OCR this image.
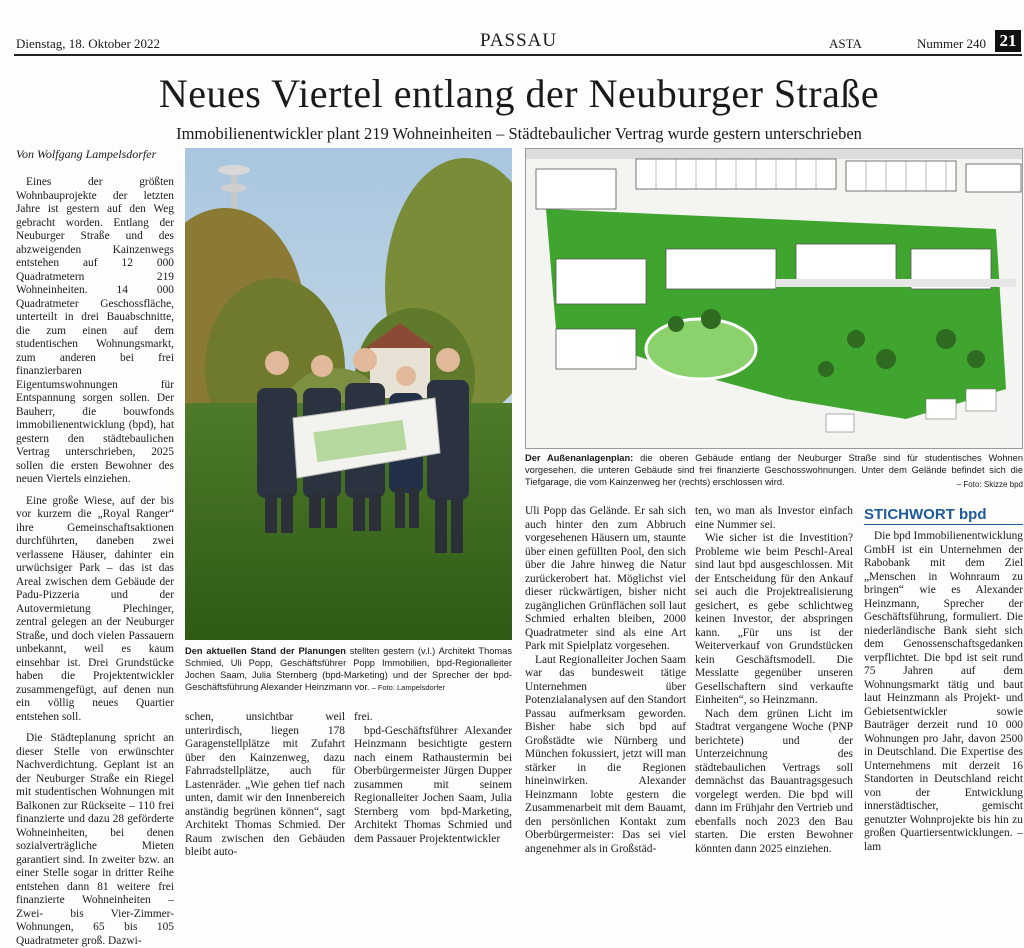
Dienstag, 18. Oktober 2022	PASSAU	ASTA	Nummer 240 21
Neues Viertel entlang der Neuburger Straße
Immobilienentwickler plant 219 Wohneinheiten – Städtebaulicher Vertrag wurde gestern unterschrieben
Von Wolfgang Lampelsdorfer

Eines der größten Wohnbauprojekte der letzten Jahre ist gestern auf den Weg gebracht worden. Entlang der Neuburger Straße und des abzweigenden Kainzenwegs entstehen auf 12 000 Quadratmetern 219 Wohneinheiten. 14 000 Quadratmeter Geschossfläche, unterteilt in drei Bauabschnitte, die zum einen auf dem studentischen Wohnungsmarkt, zum anderen bei frei finanzierbaren Eigentumswohnungen für Entspannung sorgen sollen. Der Bauherr, die bouwfonds immobilienentwicklung (bpd), hat gestern den städtebaulichen Vertrag unterschrieben, 2025 sollen die ersten Bewohner des neuen Viertels einziehen.

Eine große Wiese, auf der bis vor kurzem die „Royal Ranger“ ihre Gemeinschaftsaktionen durchführten, daneben zwei verlassene Häuser, dahinter ein urwüchsiger Park – das ist das Areal zwischen dem Gebäude der Padu-Pizzeria und der Autovermietung Plechinger, zentral gelegen an der Neuburger Straße, und doch vielen Passauern unbekannt, weil es kaum einsehbar ist. Drei Grundstücke haben die Projektentwickler zusammengefügt, auf denen nun ein völlig neues Quartier entstehen soll.

Die Städteplanung spricht an dieser Stelle von erwünschter Nachverdichtung. Geplant ist an der Neuburger Straße ein Riegel mit studentischen Wohnungen mit Balkonen zur Rückseite – 110 frei finanzierte und dazu 28 geförderte Wohneinheiten, bei denen sozialverträgliche Mieten garantiert sind. In zweiter bzw. an einer Stelle sogar in dritter Reihe entstehen dann 81 weitere frei finanzierte Wohneinheiten – Zwei- bis Vier-Zimmer-Wohnungen, 65 bis 105 Quadratmeter groß. Dazwi-

Den aktuellen Stand der Planungen stellten gestern (v.l.) Architekt Thomas Schmied, Uli Popp, Geschäftsführer Popp Immobilien, bpd-Regionalleiter Jochen Saam, Julia Sternberg (bpd-Marketing) und der Sprecher der bpd-Geschäftsführung Alexander Heinzmann vor. – Foto: Lampelsdorfer

schen, unsichtbar weil unterirdisch, liegen 178 Garagenstellplätze mit Zufahrt über den Kainzenweg, dazu Fahrradstellplätze, auch für Lastenräder. „Wie gehen tief nach unten, damit wir den Innenbereich anständig begrünen können“, sagt Architekt Thomas Schmied. Der Raum zwischen den Gebäuden bleibt auto-

frei.

bpd-Geschäftsführer Alexander Heinzmann besichtigte gestern nach einem Rathaustermin bei Oberbürgermeister Jürgen Dupper zusammen mit seinem Regionalleiter Jochen Saam, Julia Sternberg vom bpd-Marketing, Architekt Thomas Schmied und dem Passauer Projektentwickler

Der Außenanlagenplan: die oberen Gebäude entlang der Neuburger Straße sind für studentisches Wohnen vorgesehen, die unteren Gebäude sind frei finanzierte Geschosswohnungen. Unter dem Gelände befindet sich die Tiefgarage, die vom Kainzenweg her (rechts) erschlossen wird.	– Foto: Skizze bpd

Uli Popp das Gelände. Er sah sich auch hinter den zum Abbruch vorgesehenen Häusern um, staunte über einen gefüllten Pool, den sich über die Jahre hinweg die Natur zurückerobert hat. Möglichst viel dieser rückwärtigen, bisher nicht zugänglichen Grünflächen soll laut Schmied erhalten bleiben, 2000 Quadratmeter sind als eine Art Park mit Spielplatz vorgesehen.

Laut Regionalleiter Jochen Saam war das bundesweit tätige Unternehmen über Potenzialanalysen auf den Standort Passau aufmerksam geworden. Bisher habe sich bpd auf Großstädte wie Nürnberg und München fokussiert, jetzt will man stärker in die Regionen hineinwirken. Alexander Heinzmann lobte gestern die Zusammenarbeit mit dem Bauamt, den persönlichen Kontakt zum Oberbürgermeister: Das sei viel angenehmer als in Großstäd-

ten, wo man als Investor einfach eine Nummer sei.

Wie sicher ist die Investition? Probleme wie beim Peschl-Areal sind laut bpd ausgeschlossen. Mit der Entscheidung für den Ankauf sei auch die Projektrealisierung gesichert, es gebe schlichtweg keinen Investor, der abspringen kann. „Für uns ist der Weiterverkauf von Grundstücken kein Geschäftsmodell. Die Messlatte gegenüber unseren Gesellschaftern sind verkaufte Einheiten“, so Heinzmann.

Nach dem grünen Licht im Stadtrat vergangene Woche (PNP berichtete) und der Unterzeichnung des städtebaulichen Vertrags soll demnächst das Bauantragsgesuch vorgelegt werden. Die bpd will dann im Frühjahr den Vertrieb und ebenfalls noch 2023 den Bau starten. Die ersten Bewohner könnten dann 2025 einziehen.

STICHWORT bpd

Die bpd Immobilienentwicklung GmbH ist ein Unternehmen der Rabobank mit dem Ziel „Menschen in Wohnraum zu bringen“ wie es Alexander Heinzmann, Sprecher der Geschäftsführung, formuliert. Die niederländische Bank sieht sich dem Genossenschaftsgedanken verpflichtet. Die bpd ist seit rund 75 Jahren auf dem Wohnungsmarkt tätig und baut laut Heinzmann als Projekt- und Gebietsentwickler sowie Bauträger derzeit rund 10 000 Wohnungen pro Jahr, davon 2500 in Deutschland. Die Expertise des Unternehmens mit derzeit 16 Standorten in Deutschland reicht von der Entwicklung innerstädtischer, gemischt genutzter Wohnprojekte bis hin zu großen Quartiersentwicklungen. – lam
